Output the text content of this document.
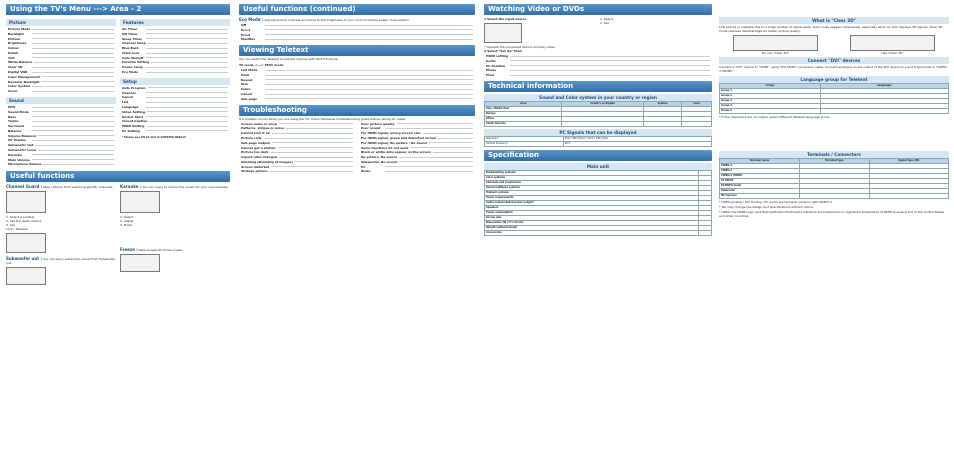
Using the TV's Menu ---> Area - 2
Picture
Picture Mode
Backlight
Picture
Brightness
Colour
Detail
Tint
White Balance
Clear 3D
Digital VNR
Color Management
Dynamic Backlight
Color System
Zoom
Sound
MTS
Sound Mode
Bass
Treble
Surround
Balance
Volume Balancer
AV Volume
Subwoofer Out
Subwoofer Level
Karaoke
Main Volume
Microphone Volume
Features
On Timer
Off Timer
Sleep Timer
Channel Swap
Blue Back
Child Lock
Auto Shutoff
Favorite Setting
Power Lamp
Eco Mode
Setup
Auto Program
Channel
Cancel
List
Language
Video Setting
Rocket Start
Closed Caption
HDMI Setting
PC Setting
* Please see CH-CC List in GOT0356-001A-H
Useful functions
Channel Guard : Stop children from watching specific channels.
1. Select a number
2. Set the reset volume
3. Set
Lock / Release
Subwoofer out : You can enjoy subwoofer sound from Subwoofer out.
Karaoke : You can enjoy to reduce the vocals for your own karaoke.
1. Select
2. Adjust
3. Finish
Freeze : Take snapshots of the screen.
Useful functions (continued)
Eco Mode : Adjusts picture contrast according to the brightness of your room to reduce power consumption.
Off
Eco-1
Eco-2
Maxiflex
Viewing Teletext
You can watch the Teletext broadcast channel with Text Functions.
TV mode <---> TEXT mode
List Mode
Hold
Reveal
Size
Index
Cancel
Sub-page
Troubleshooting
If a problem occurs when you are using the TV, check the below troubleshooting guide before calling for repair.
Screen noise or snow
Patterns, stripes or noise
Cannot turn it on
Picture rolls
Sub-page Output
Cannot get a station
Picture too dark
Aspect ratio changed
Ghosting (Doubling of images)
Screen distorted
Strange picture
Poor picture quality
Poor sound
For HDMI signal, wrong screen size
For HDMI signal, green and distorted screen
For HDMI signal, No picture / No sound
Some functions do not work
Black or white dots appear on the screen
No picture, No sound
Subwoofer, No sound
PC
Noise
Watching Video or DVDs
1 Select the input source	1. Select
2. Set
* Operate the connected device and play video.
2 Select "Set Up" then
HDMI setting
Audio
PC Position
Phase
Pixel
Technical information
Sound and Color system in your country or region
Area	Country or Region	System	Color
Asia, Middle East			
Europe			
Africa			
South America			
PC Signals that can be displayed
Resolution	640 x 480 (VGA) / 1024 x 768 (XGA)
Vertical frequency	60.0
Specification
Main unit
Broadcasting systems	
Color systems	
Channels and frequencies	
Sound multiplex systems	
Teletext systems	
Power requirements	
Audio output (Rated power output)	
Speakers	
Power consumption	
Screen size	
Dimensions (W x H x D mm)	
Weight (without stand)	
Accessories	
What is "Clear 3D"
LCD picture is unstable due to a large number of signal waits. Such noise appears extensively, especially when an LCD displays 3D signals. Clear 3D mode resolves disadvantage for better picture quality.
No use "Clear 3D"	Use "Clear 3D"
Connect "DVI" devices
Connect a "DVI" device to "HDMI" using "DVI-HDMI" conversion cable. Connect analogue sound output of the DVI device to L and R terminals in "VIDEO-3 (HDMI)".
Language group for Teletext
Group	Languages
Group-1	
Group-2	
Group-3	
Group-4	
Group-5	
* If the characters are corrupted, select different Teletext language group.
Terminals / Connectors
Terminal name	Terminal type	Signal type (IN)
VIDEO-1		
VIDEO-2		
VIDEO-3 (HDMI)		
PC INPUT		
PC/HDMI Audio		
Subwoofer		
Microphone		
* HDMI (Analog / DVI Analog / PC Audio are terminal common with VIDEO-3
* We may change the design and specifications without notice.
* HDMI, the HDMI Logo, and High-Definition Multimedia Interface are trademarks or registered trademarks of HDMI Licensing LLC in the United States and other countries.
